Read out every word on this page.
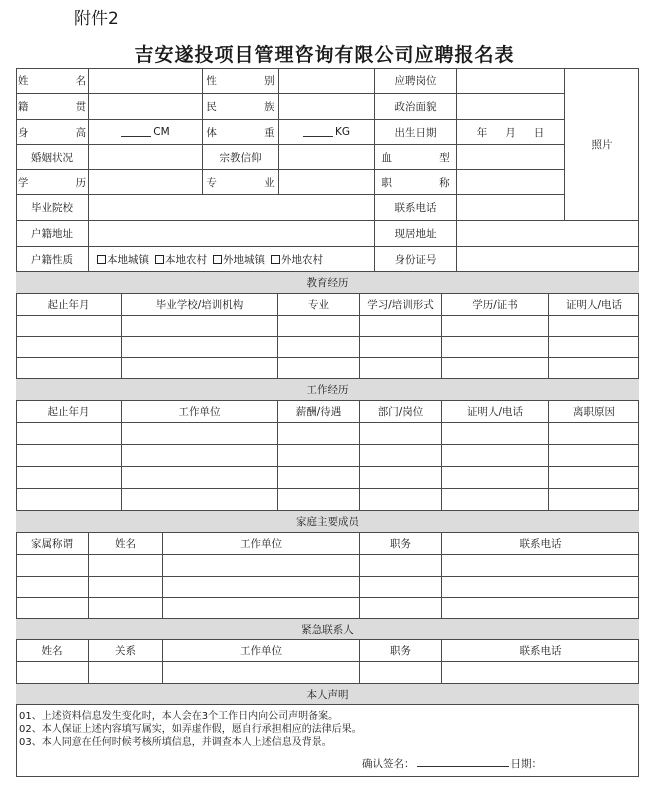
附件2
吉安遂投项目管理咨询有限公司应聘报名表
姓 名	性 别	应聘岗位
籍 贯	民 族	政治面貌
照片
身 高	CM	体 重	KG	出生日期	年 月 日
婚姻状况	宗教信仰	血 型
学 历	专 业	职 称
毕业院校	联系电话
户籍地址	现居地址
户籍性质	本地城镇 本地农村 外地城镇 外地农村	身份证号
教育经历
起止年月	毕业学校/培训机构	专业	学习/培训形式	学历/证书	证明人/电话
工作经历
起止年月	工作单位	薪酬/待遇	部门/岗位	证明人/电话	离职原因
家庭主要成员
家属称谓	姓名	工作单位	职务	联系电话
紧急联系人
姓名	关系	工作单位	职务	联系电话
本人声明
01、上述资料信息发生变化时，本人会在3个工作日内向公司声明备案。
02、本人保证上述内容填写属实，如弄虚作假，愿自行承担相应的法律后果。
03、本人同意在任何时候考核所填信息，并调查本人上述信息及背景。
确认签名：	日期：
